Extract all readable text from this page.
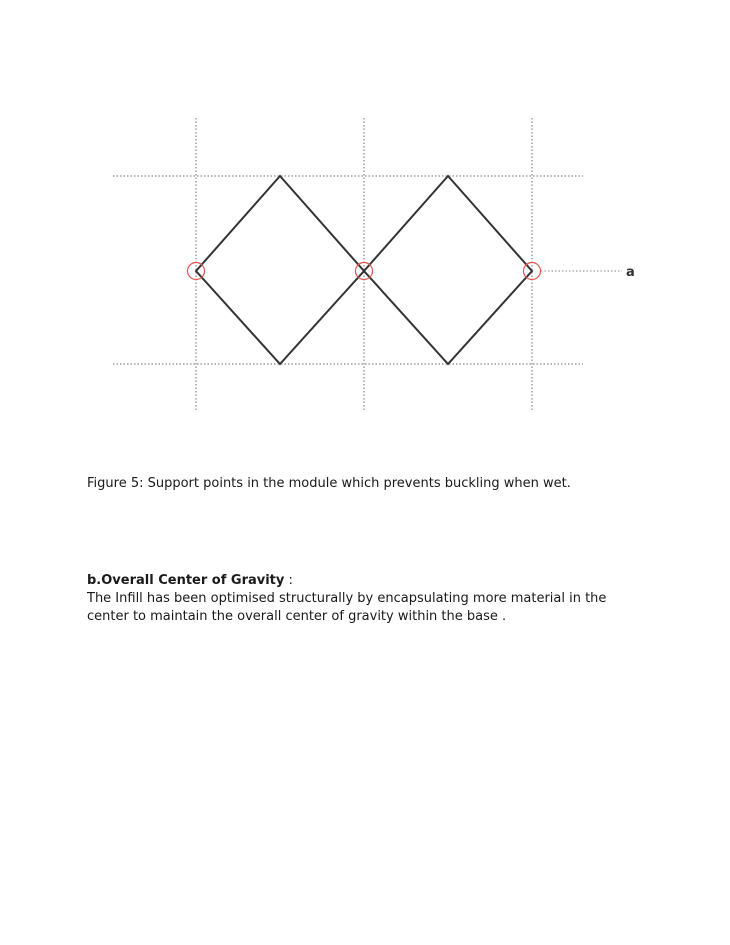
a

Figure 5: Support points in the module which prevents buckling when wet.

b.Overall Center of Gravity :

The Infill has been optimised structurally by encapsulating more material in the
center to maintain the overall center of gravity within the base .
